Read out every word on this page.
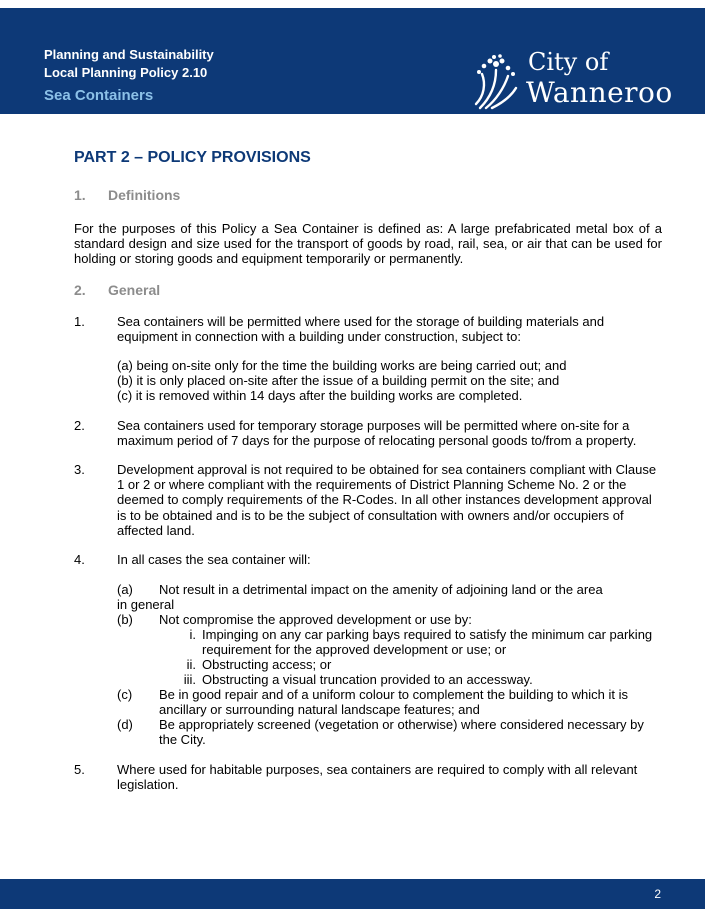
Planning and Sustainability
Local Planning Policy 2.10
Sea Containers
City of
Wanneroo
PART 2 – POLICY PROVISIONS
1. Definitions
For the purposes of this Policy a Sea Container is defined as: A large prefabricated metal box of a standard design and size used for the transport of goods by road, rail, sea, or air that can be used for holding or storing goods and equipment temporarily or permanently.
2. General
1. Sea containers will be permitted where used for the storage of building materials and equipment in connection with a building under construction, subject to:
(a) being on-site only for the time the building works are being carried out; and
(b) it is only placed on-site after the issue of a building permit on the site; and
(c) it is removed within 14 days after the building works are completed.
2. Sea containers used for temporary storage purposes will be permitted where on-site for a maximum period of 7 days for the purpose of relocating personal goods to/from a property.
3. Development approval is not required to be obtained for sea containers compliant with Clause 1 or 2 or where compliant with the requirements of District Planning Scheme No. 2 or the deemed to comply requirements of the R-Codes. In all other instances development approval is to be obtained and is to be the subject of consultation with owners and/or occupiers of affected land.
4. In all cases the sea container will:
(a) Not result in a detrimental impact on the amenity of adjoining land or the area
in general
(b) Not compromise the approved development or use by:
i. Impinging on any car parking bays required to satisfy the minimum car parking requirement for the approved development or use; or
ii. Obstructing access; or
iii. Obstructing a visual truncation provided to an accessway.
(c) Be in good repair and of a uniform colour to complement the building to which it is ancillary or surrounding natural landscape features; and
(d) Be appropriately screened (vegetation or otherwise) where considered necessary by the City.
5. Where used for habitable purposes, sea containers are required to comply with all relevant legislation.
2
